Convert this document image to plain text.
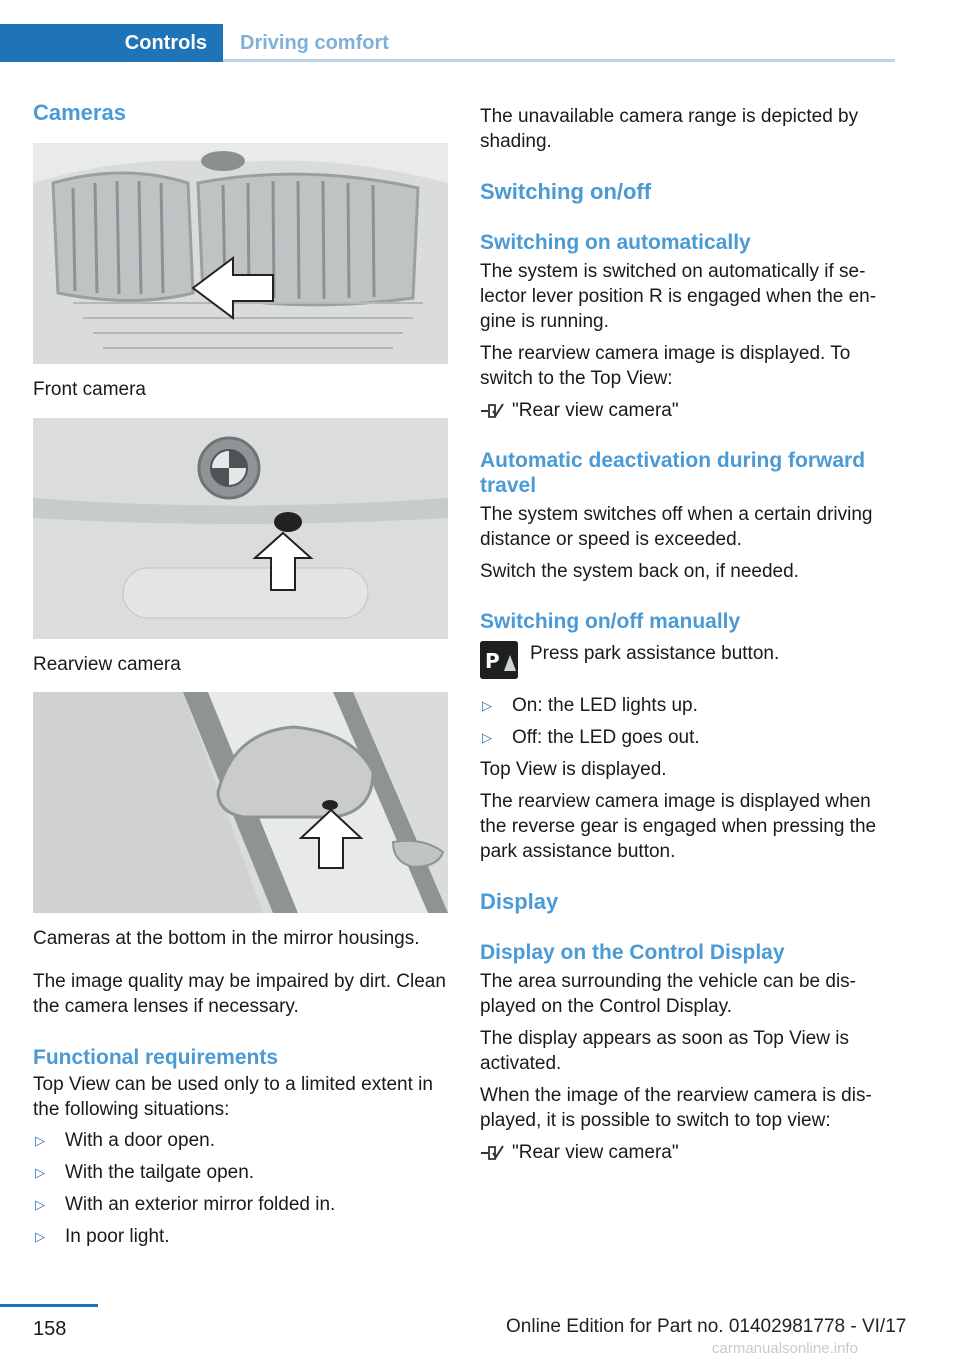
Controls	Driving comfort
Cameras

Front camera

Rearview camera

Cameras at the bottom in the mirror housings.

The image quality may be impaired by dirt. Clean the camera lenses if necessary.

Functional requirements

Top View can be used only to a limited extent in the following situations:

▷	With a door open.
▷	With the tailgate open.
▷	With an exterior mirror folded in.
▷	In poor light.

The unavailable camera range is depicted by shading.

Switching on/off
Switching on automatically

The system is switched on automatically if se‐lector lever position R is engaged when the en‐gine is running.

The rearview camera image is displayed. To switch to the Top View:

"Rear view camera"
Automatic deactivation during forward travel

The system switches off when a certain driving distance or speed is exceeded.

Switch the system back on, if needed.

Switching on/off manually
P Press park assistance button.

▷	On: the LED lights up.
▷	Off: the LED goes out.

Top View is displayed.

The rearview camera image is displayed when the reverse gear is engaged when pressing the park assistance button.

Display
Display on the Control Display

The area surrounding the vehicle can be dis‐played on the Control Display.

The display appears as soon as Top View is activated.

When the image of the rearview camera is dis‐played, it is possible to switch to top view:

"Rear view camera"
158	Online Edition for Part no. 01402981778 - VI/17
carmanualsonline.info
